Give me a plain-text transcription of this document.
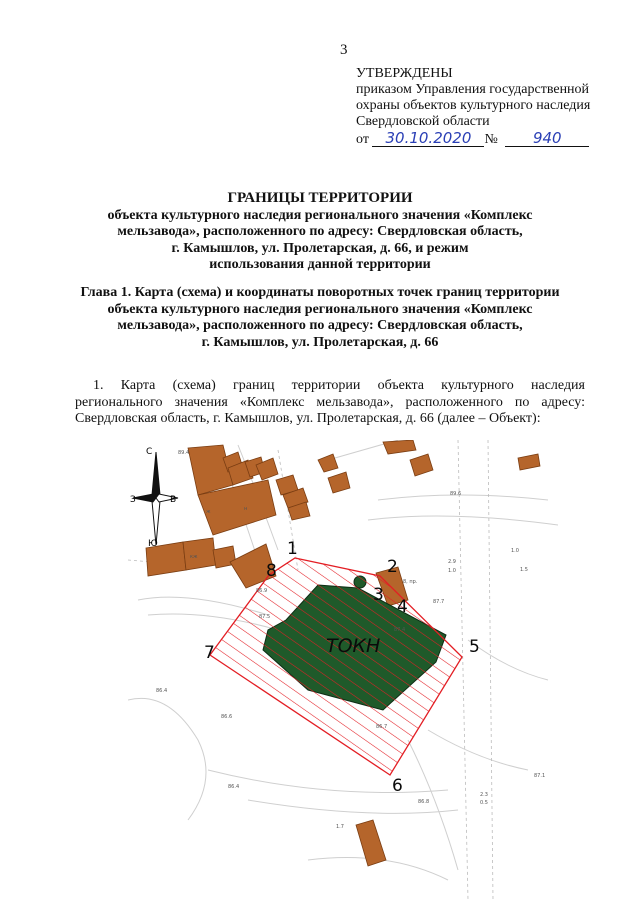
3
УТВЕРЖДЕНЫ
приказом Управления государственной
охраны объектов культурного наследия
Свердловской области
от 30.10.2020 № 940
ГРАНИЦЫ ТЕРРИТОРИИ
объекта культурного наследия регионального значения «Комплекс
мельзавода», расположенного по адресу: Свердловская область,
г. Камышлов, ул. Пролетарская, д. 66, и режим
использования данной территории
Глава 1. Карта (схема) и координаты поворотных точек границ территории
объекта культурного наследия регионального значения «Комплекс
мельзавода», расположенного по адресу: Свердловская область,
г. Камышлов, ул. Пролетарская, д. 66
1. Карта (схема) границ территории объекта культурного наследия
регионального значения «Комплекс мельзавода», расположенного по адресу:
Свердловская область, г. Камышлов, ул. Пролетарская, д. 66 (далее – Объект):
С
Ю
В
З
ТОКН
1
2
3
4
5
6
7
8
89.4
2.9
1.0	1.5
1.0
87.7
87.4
87.5
86.4
86.6
86.7
87.1
86.8
86.4
2.3
0.5
1.7
89.6
86.9
ж	н
кж
8, пр.
